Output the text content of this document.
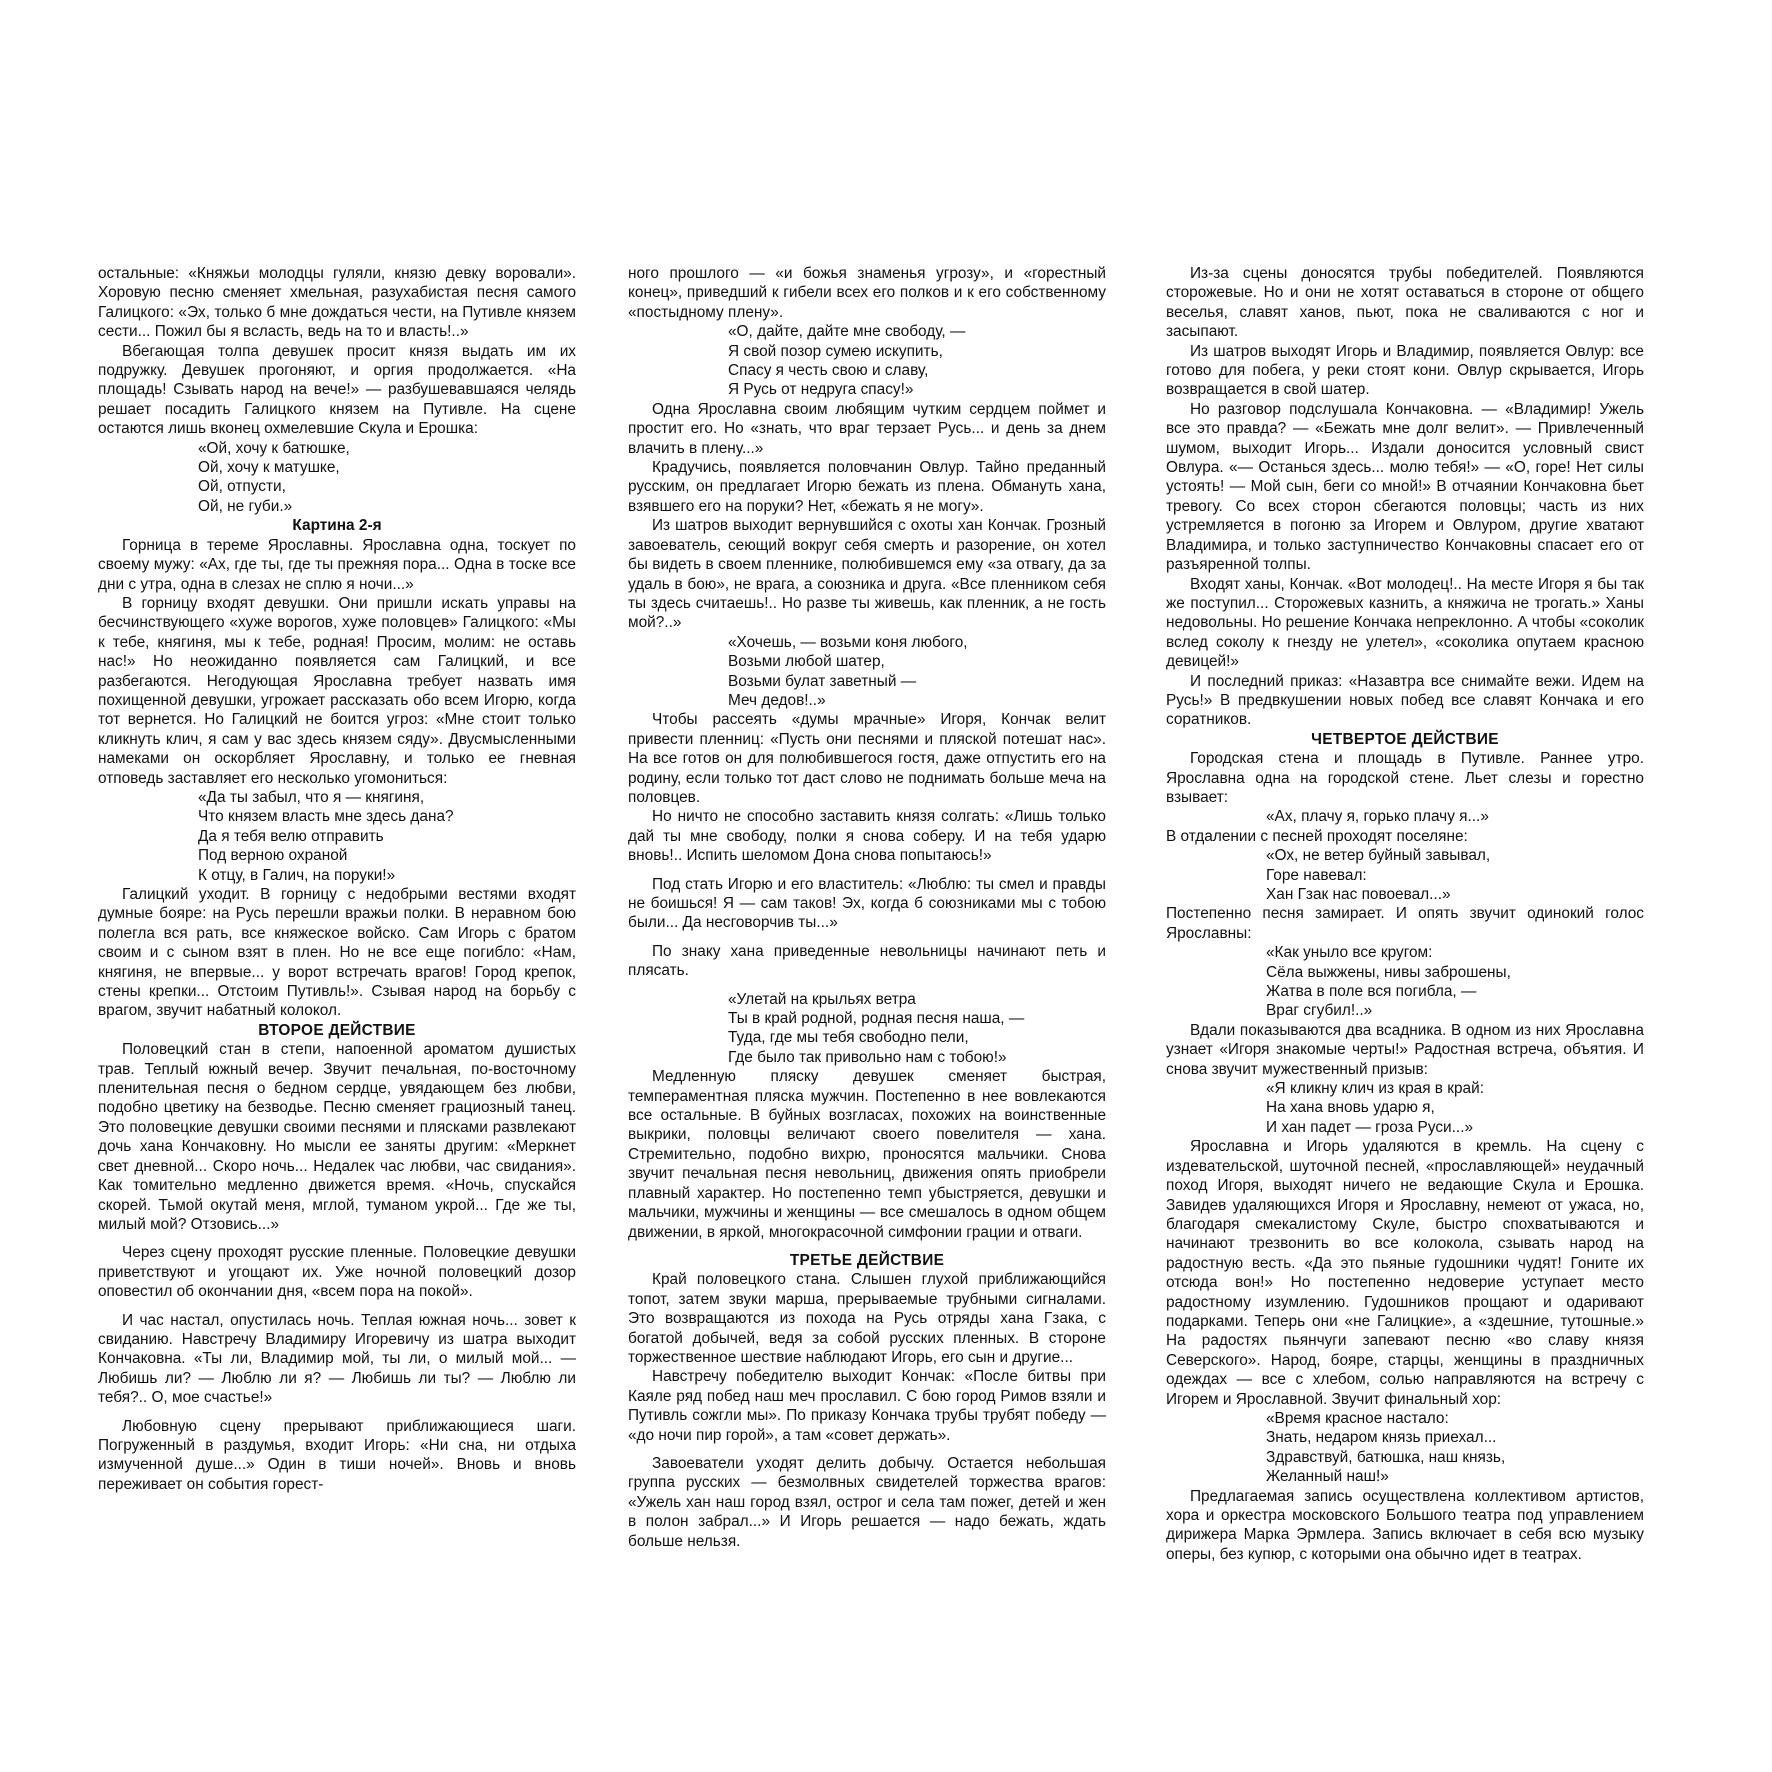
остальные: «Княжьи молодцы гуляли, князю девку воровали». Хоровую песню сменяет хмельная, разухабистая песня самого Галицкого: «Эх, только б мне дождаться чести, на Путивле князем сести... Пожил бы я всласть, ведь на то и власть!..»

Вбегающая толпа девушек просит князя выдать им их подружку. Девушек прогоняют, и оргия продолжается. «На площадь! Сзывать народ на вече!» — разбушевавшаяся челядь решает посадить Галицкого князем на Путивле. На сцене остаются лишь вконец охмелевшие Скула и Ерошка:

«Ой, хочу к батюшке,
Ой, хочу к матушке,
Ой, отпусти,
Ой, не губи.»
Картина 2-я

Горница в тереме Ярославны. Ярославна одна, тоскует по своему мужу: «Ах, где ты, где ты прежняя пора... Одна в тоске все дни с утра, одна в слезах не сплю я ночи...»

В горницу входят девушки. Они пришли искать управы на бесчинствующего «хуже ворогов, хуже половцев» Галицкого: «Мы к тебе, княгиня, мы к тебе, родная! Просим, молим: не оставь нас!» Но неожиданно появляется сам Галицкий, и все разбегаются. Негодующая Ярославна требует назвать имя похищенной девушки, угрожает рассказать обо всем Игорю, когда тот вернется. Но Галицкий не боится угроз: «Мне стоит только кликнуть клич, я сам у вас здесь князем сяду». Двусмысленными намеками он оскорбляет Ярославну, и только ее гневная отповедь заставляет его несколько угомониться:

«Да ты забыл, что я — княгиня,
Что князем власть мне здесь дана?
Да я тебя велю отправить
Под верною охраной
К отцу, в Галич, на поруки!»

Галицкий уходит. В горницу с недобрыми вестями входят думные бояре: на Русь перешли вражьи полки. В неравном бою полегла вся рать, все княжеское войско. Сам Игорь с братом своим и с сыном взят в плен. Но не все еще погибло: «Нам, княгиня, не впервые... у ворот встречать врагов! Город крепок, стены крепки... Отстоим Путивль!». Сзывая народ на борьбу с врагом, звучит набатный колокол.

ВТОРОЕ ДЕЙСТВИЕ

Половецкий стан в степи, напоенной ароматом душистых трав. Теплый южный вечер. Звучит печальная, по-восточному пленительная песня о бедном сердце, увядающем без любви, подобно цветику на безводье. Песню сменяет грациозный танец. Это половецкие девушки своими песнями и плясками развлекают дочь хана Кончаковну. Но мысли ее заняты другим: «Меркнет свет дневной... Скоро ночь... Недалек час любви, час свидания». Как томительно медленно движется время. «Ночь, спускайся скорей. Тьмой окутай меня, мглой, туманом укрой... Где же ты, милый мой? Отзовись...»

Через сцену проходят русские пленные. Половецкие девушки приветствуют и угощают их. Уже ночной половецкий дозор оповестил об окончании дня, «всем пора на покой».

И час настал, опустилась ночь. Теплая южная ночь... зовет к свиданию. Навстречу Владимиру Игоревичу из шатра выходит Кончаковна. «Ты ли, Владимир мой, ты ли, о милый мой... — Любишь ли? — Люблю ли я? — Любишь ли ты? — Люблю ли тебя?.. О, мое счастье!»

Любовную сцену прерывают приближающиеся шаги. Погруженный в раздумья, входит Игорь: «Ни сна, ни отдыха измученной душе...» Один в тиши ночей». Вновь и вновь переживает он события горест-

ного прошлого — «и божья знаменья угрозу», и «горестный конец», приведший к гибели всех его полков и к его собственному «постыдному плену».

«О, дайте, дайте мне свободу, —
Я свой позор сумею искупить,
Спасу я честь свою и славу,
Я Русь от недруга спасу!»

Одна Ярославна своим любящим чутким сердцем поймет и простит его. Но «знать, что враг терзает Русь... и день за днем влачить в плену...»

Крадучись, появляется половчанин Овлур. Тайно преданный русским, он предлагает Игорю бежать из плена. Обмануть хана, взявшего его на поруки? Нет, «бежать я не могу».

Из шатров выходит вернувшийся с охоты хан Кончак. Грозный завоеватель, сеющий вокруг себя смерть и разорение, он хотел бы видеть в своем пленнике, полюбившемся ему «за отвагу, да за удаль в бою», не врага, а союзника и друга. «Все пленником себя ты здесь считаешь!.. Но разве ты живешь, как пленник, а не гость мой?..»

«Хочешь, — возьми коня любого,
Возьми любой шатер,
Возьми булат заветный —
Меч дедов!..»

Чтобы рассеять «думы мрачные» Игоря, Кончак велит привести пленниц: «Пусть они песнями и пляской потешат нас». На все готов он для полюбившегося гостя, даже отпустить его на родину, если только тот даст слово не поднимать больше меча на половцев.

Но ничто не способно заставить князя солгать: «Лишь только дай ты мне свободу, полки я снова соберу. И на тебя ударю вновь!.. Испить шеломом Дона снова попытаюсь!»

Под стать Игорю и его властитель: «Люблю: ты смел и правды не боишься! Я — сам таков! Эх, когда б союзниками мы с тобою были... Да несговорчив ты...»

По знаку хана приведенные невольницы начинают петь и плясать.

«Улетай на крыльях ветра
Ты в край родной, родная песня наша, —
Туда, где мы тебя свободно пели,
Где было так привольно нам с тобою!»

Медленную пляску девушек сменяет быстрая, темпераментная пляска мужчин. Постепенно в нее вовлекаются все остальные. В буйных возгласах, похожих на воинственные выкрики, половцы величают своего повелителя — хана. Стремительно, подобно вихрю, проносятся мальчики. Снова звучит печальная песня невольниц, движения опять приобрели плавный характер. Но постепенно темп убыстряется, девушки и мальчики, мужчины и женщины — все смешалось в одном общем движении, в яркой, многокрасочной симфонии грации и отваги.

ТРЕТЬЕ ДЕЙСТВИЕ

Край половецкого стана. Слышен глухой приближающийся топот, затем звуки марша, прерываемые трубными сигналами. Это возвращаются из похода на Русь отряды хана Гзака, с богатой добычей, ведя за собой русских пленных. В стороне торжественное шествие наблюдают Игорь, его сын и другие...

Навстречу победителю выходит Кончак: «После битвы при Каяле ряд побед наш меч прославил. С бою город Римов взяли и Путивль сожгли мы». По приказу Кончака трубы трубят победу — «до ночи пир горой», а там «совет держать».

Завоеватели уходят делить добычу. Остается небольшая группа русских — безмолвных свидетелей торжества врагов: «Ужель хан наш город взял, острог и села там пожег, детей и жен в полон забрал...» И Игорь решается — надо бежать, ждать больше нельзя.

Из-за сцены доносятся трубы победителей. Появляются сторожевые. Но и они не хотят оставаться в стороне от общего веселья, славят ханов, пьют, пока не сваливаются с ног и засыпают.

Из шатров выходят Игорь и Владимир, появляется Овлур: все готово для побега, у реки стоят кони. Овлур скрывается, Игорь возвращается в свой шатер.

Но разговор подслушала Кончаковна. — «Владимир! Ужель все это правда? — «Бежать мне долг велит». — Привлеченный шумом, выходит Игорь... Издали доносится условный свист Овлура. «— Останься здесь... молю тебя!» — «О, горе! Нет силы устоять! — Мой сын, беги со мной!» В отчаянии Кончаковна бьет тревогу. Со всех сторон сбегаются половцы; часть из них устремляется в погоню за Игорем и Овлуром, другие хватают Владимира, и только заступничество Кончаковны спасает его от разъяренной толпы.

Входят ханы, Кончак. «Вот молодец!.. На месте Игоря я бы так же поступил... Сторожевых казнить, а княжича не трогать.» Ханы недовольны. Но решение Кончака непреклонно. А чтобы «соколик вслед соколу к гнезду не улетел», «соколика опутаем красною девицей!»

И последний приказ: «Назавтра все снимайте вежи. Идем на Русь!» В предвкушении новых побед все славят Кончака и его соратников.

ЧЕТВЕРТОЕ ДЕЙСТВИЕ

Городская стена и площадь в Путивле. Раннее утро. Ярославна одна на городской стене. Льет слезы и горестно взывает:

«Ах, плачу я, горько плачу я...»

В отдалении с песней проходят поселяне:

«Ох, не ветер буйный завывал,
Горе навевал:
Хан Гзак нас повоевал...»

Постепенно песня замирает. И опять звучит одинокий голос Ярославны:

«Как уныло все кругом:
Сёла выжжены, нивы заброшены,
Жатва в поле вся погибла, —
Враг сгубил!..»

Вдали показываются два всадника. В одном из них Ярославна узнает «Игоря знакомые черты!» Радостная встреча, объятия. И снова звучит мужественный призыв:

«Я кликну клич из края в край:
На хана вновь ударю я,
И хан падет — гроза Руси...»

Ярославна и Игорь удаляются в кремль. На сцену с издевательской, шуточной песней, «прославляющей» неудачный поход Игоря, выходят ничего не ведающие Скула и Ерошка. Завидев удаляющихся Игоря и Ярославну, немеют от ужаса, но, благодаря смекалистому Скуле, быстро спохватываются и начинают трезвонить во все колокола, сзывать народ на радостную весть. «Да это пьяные гудошники чудят! Гоните их отсюда вон!» Но постепенно недоверие уступает место радостному изумлению. Гудошников прощают и одаривают подарками. Теперь они «не Галицкие», а «здешние, тутошные.» На радостях пьянчуги запевают песню «во славу князя Северского». Народ, бояре, старцы, женщины в праздничных одеждах — все с хлебом, солью направляются на встречу с Игорем и Ярославной. Звучит финальный хор:

«Время красное настало:
Знать, недаром князь приехал...
Здравствуй, батюшка, наш князь,
Желанный наш!»

Предлагаемая запись осуществлена коллективом артистов, хора и оркестра московского Большого театра под управлением дирижера Марка Эрмлера. Запись включает в себя всю музыку оперы, без купюр, с которыми она обычно идет в театрах.
